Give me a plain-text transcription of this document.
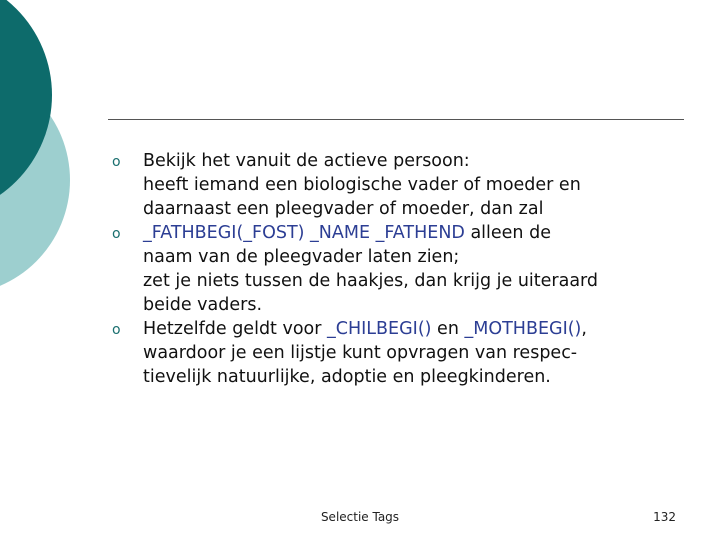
o Bekijk het vanuit de actieve persoon:
heeft iemand een biologische vader of moeder en
daarnaast een pleegvader of moeder, dan zal
o _FATHBEGI(_FOST) _NAME _FATHEND alleen de
naam van de pleegvader laten zien;
zet je niets tussen de haakjes, dan krijg je uiteraard
beide vaders.
o Hetzelfde geldt voor _CHILBEGI() en _MOTHBEGI(),
waardoor je een lijstje kunt opvragen van respec-
tievelijk natuurlijke, adoptie en pleegkinderen.
Selectie Tags	132
